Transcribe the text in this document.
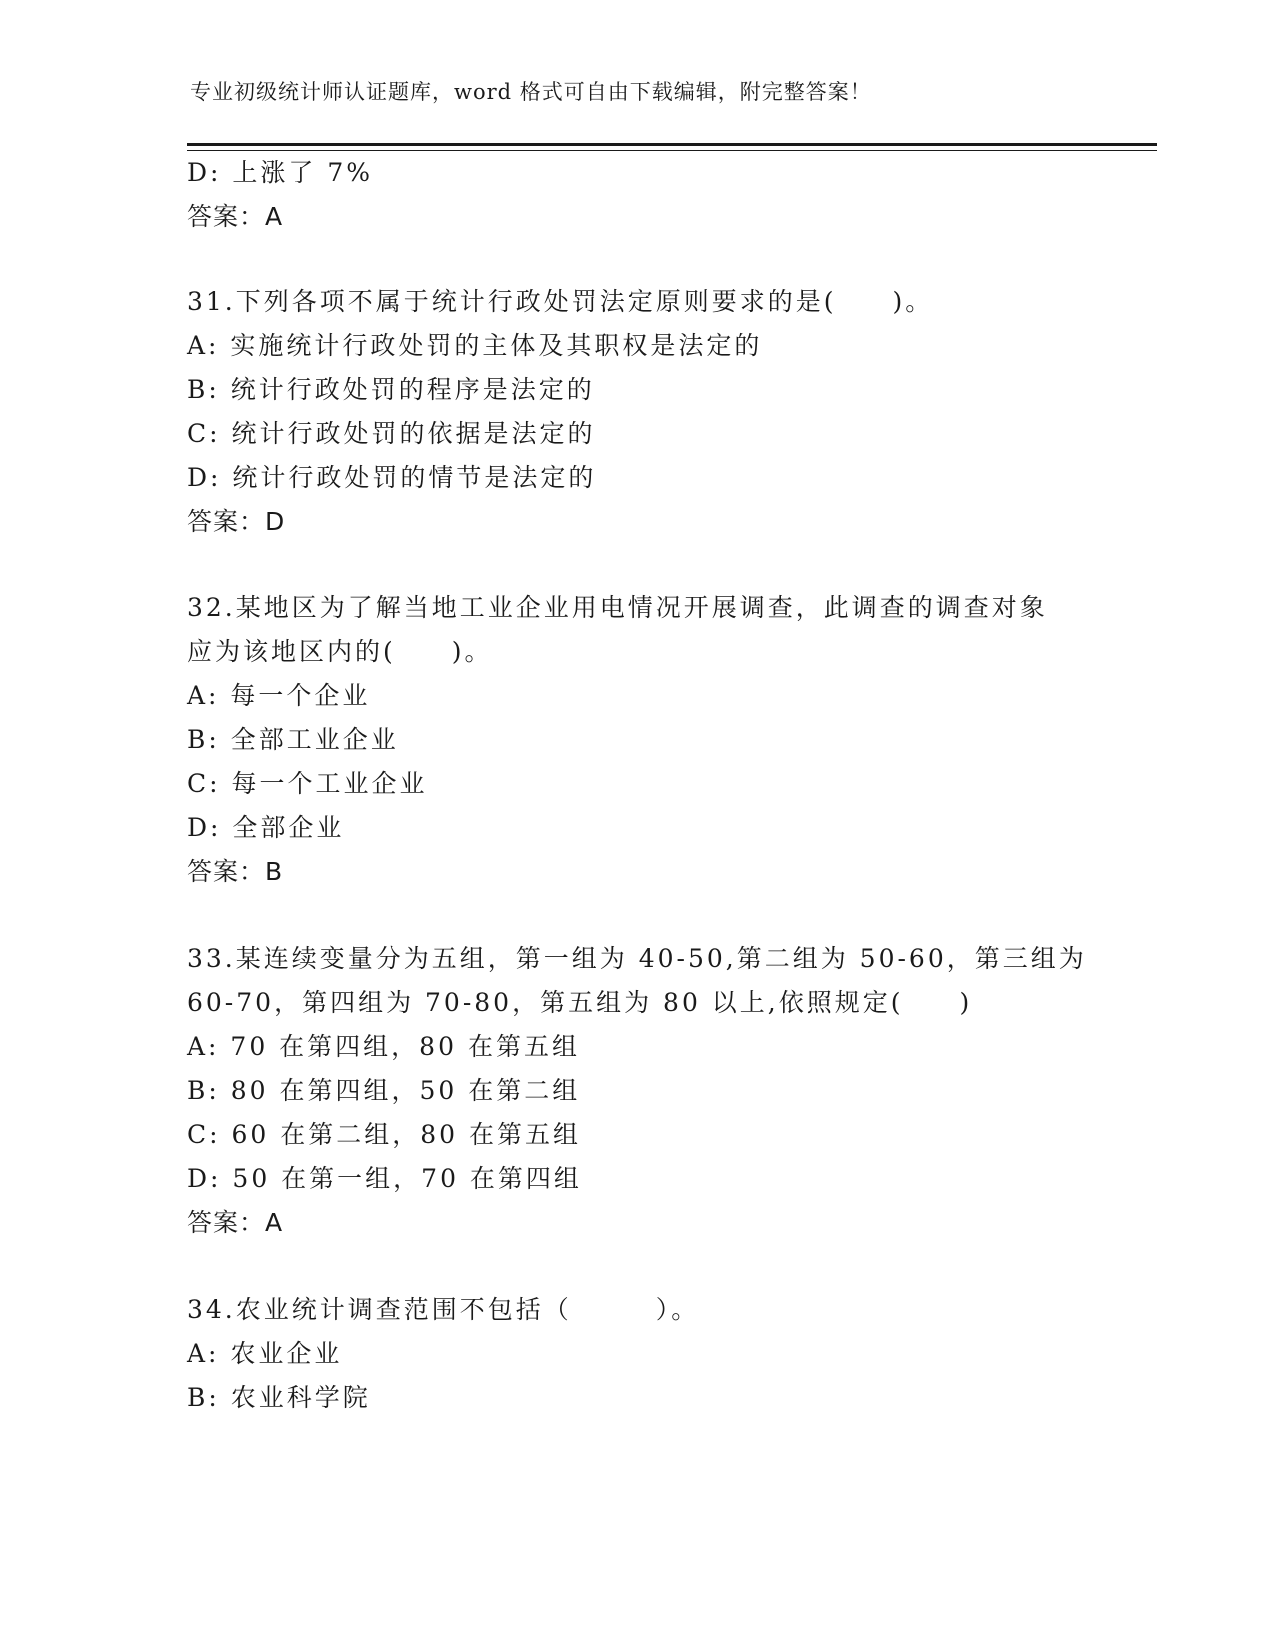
专业初级统计师认证题库，word 格式可自由下载编辑，附完整答案！
D: 上涨了 7%
答案：A
31.下列各项不属于统计行政处罚法定原则要求的是(　　)。
A: 实施统计行政处罚的主体及其职权是法定的
B: 统计行政处罚的程序是法定的
C: 统计行政处罚的依据是法定的
D: 统计行政处罚的情节是法定的
答案：D
32.某地区为了解当地工业企业用电情况开展调查，此调查的调查对象
应为该地区内的(　　)。
A: 每一个企业
B: 全部工业企业
C: 每一个工业企业
D: 全部企业
答案：B
33.某连续变量分为五组，第一组为 40-50,第二组为 50-60，第三组为
60-70，第四组为 70-80，第五组为 80 以上,依照规定(　　)
A: 70 在第四组，80 在第五组
B: 80 在第四组，50 在第二组
C: 60 在第二组，80 在第五组
D: 50 在第一组，70 在第四组
答案：A
34.农业统计调查范围不包括（　　　）。
A: 农业企业
B: 农业科学院
